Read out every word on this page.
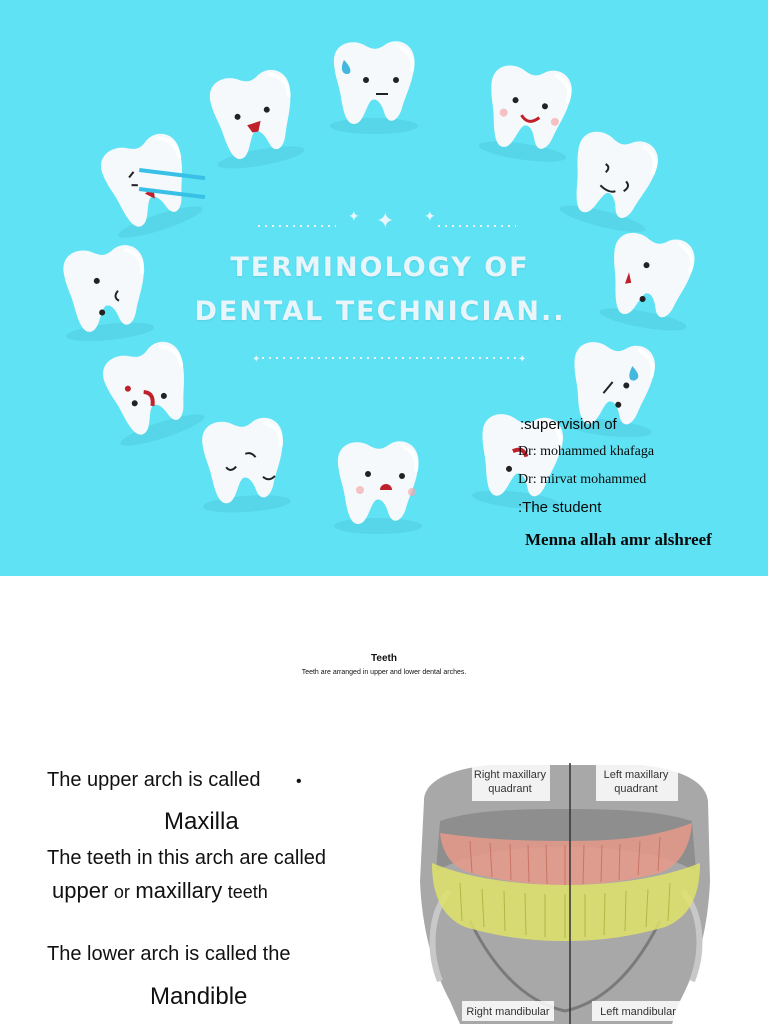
✦ ✦ ✦
✦	✦
TERMINOLOGY OF
DENTAL TECHNICIAN..
:supervision of
Dr: mohammed khafaga
Dr: mirvat mohammed
:The student
Menna allah amr alshreef
Teeth
Teeth are arranged in upper and lower dental arches.
The upper arch is called •
Maxilla
The teeth in this arch are called
upper or maxillary teeth
The lower arch is called the
Mandible
Right maxillary
quadrant
Left maxillary
quadrant
Right mandibular	Left mandibular
